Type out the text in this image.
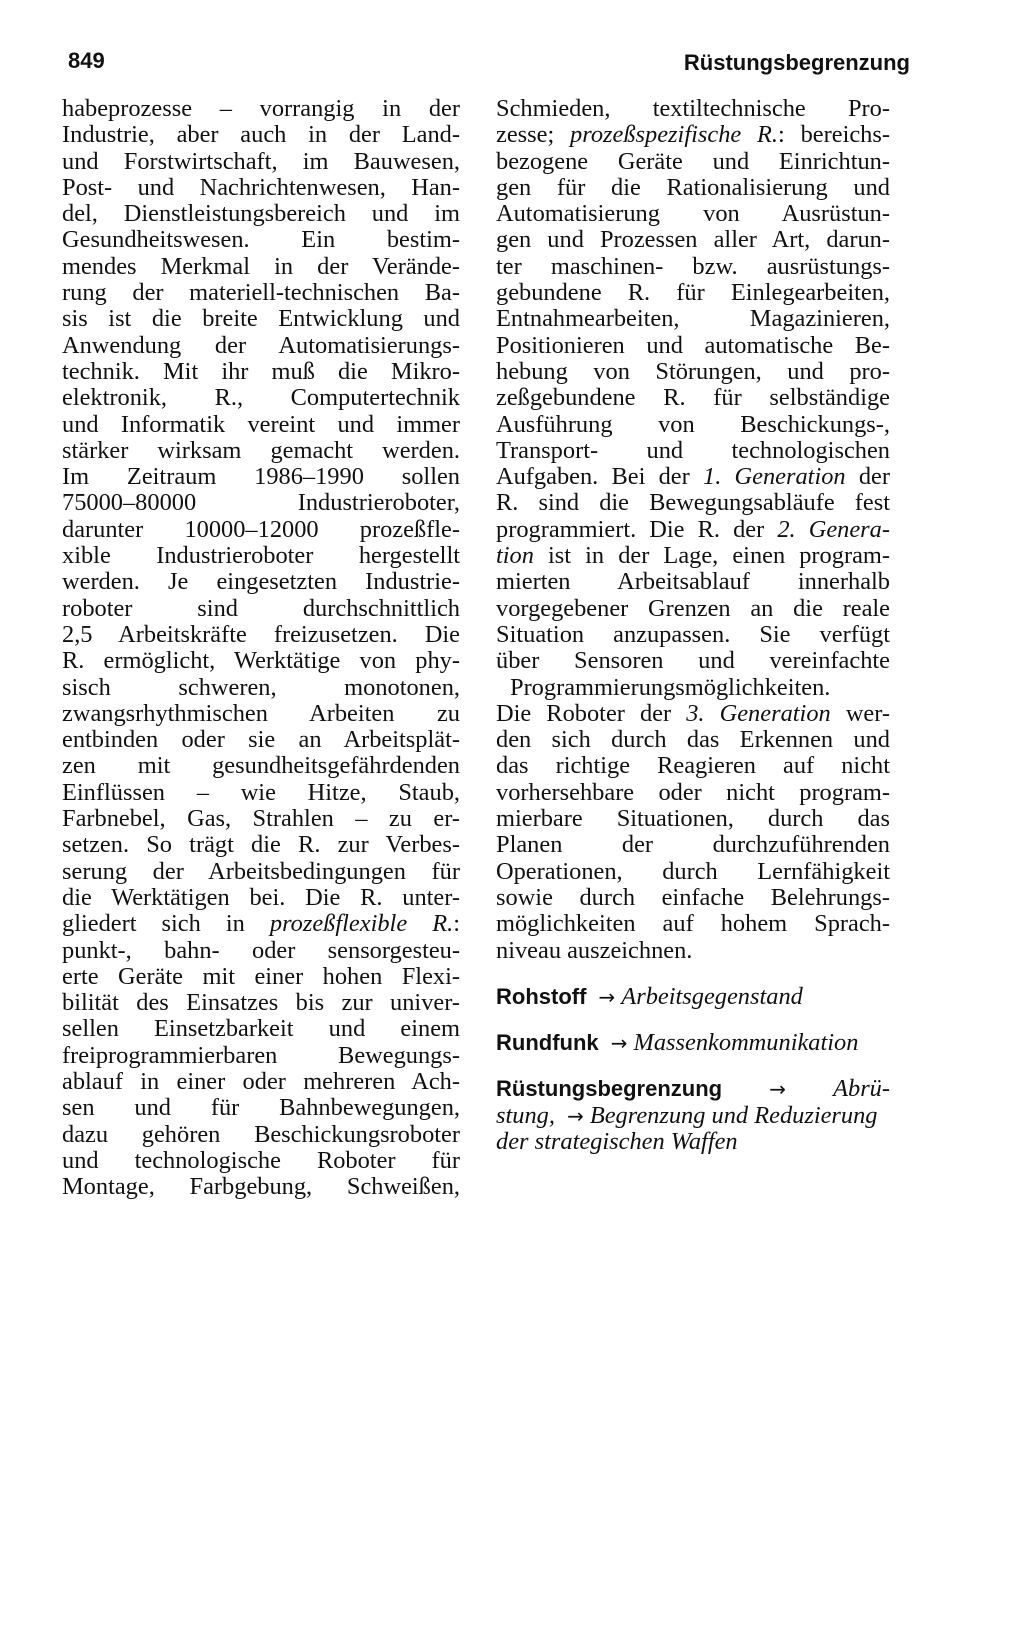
849	Rüstungsbegrenzung
habeprozesse – vorrangig in der
Industrie, aber auch in der Land-
und Forstwirtschaft, im Bauwesen,
Post- und Nachrichtenwesen, Han-
del, Dienstleistungsbereich und im
Gesundheitswesen. Ein bestim-
mendes Merkmal in der Verände-
rung der materiell-technischen Ba-
sis ist die breite Entwicklung und
Anwendung der Automatisierungs-
technik. Mit ihr muß die Mikro-
elektronik, R., Computertechnik
und Informatik vereint und immer
stärker wirksam gemacht werden.
Im Zeitraum 1986–1990 sollen
75000–80000 Industrieroboter,
darunter 10000–12000 prozeßfle-
xible Industrieroboter hergestellt
werden. Je eingesetzten Industrie-
roboter sind durchschnittlich
2,5 Arbeitskräfte freizusetzen. Die
R. ermöglicht, Werktätige von phy-
sisch schweren, monotonen,
zwangsrhythmischen Arbeiten zu
entbinden oder sie an Arbeitsplät-
zen mit gesundheitsgefährdenden
Einflüssen – wie Hitze, Staub,
Farbnebel, Gas, Strahlen – zu er-
setzen. So trägt die R. zur Verbes-
serung der Arbeitsbedingungen für
die Werktätigen bei. Die R. unter-
gliedert sich in prozeßflexible R.:
punkt-, bahn- oder sensorgesteu-
erte Geräte mit einer hohen Flexi-
bilität des Einsatzes bis zur univer-
sellen Einsetzbarkeit und einem
freiprogrammierbaren Bewegungs-
ablauf in einer oder mehreren Ach-
sen und für Bahnbewegungen,
dazu gehören Beschickungsroboter
und technologische Roboter für
Montage, Farbgebung, Schweißen,
Schmieden, textiltechnische Pro-
zesse; prozeßspezifische R.: bereichs-
bezogene Geräte und Einrichtun-
gen für die Rationalisierung und
Automatisierung von Ausrüstun-
gen und Prozessen aller Art, darun-
ter maschinen- bzw. ausrüstungs-
gebundene R. für Einlegearbeiten,
Entnahmearbeiten, Magazinieren,
Positionieren und automatische Be-
hebung von Störungen, und pro-
zeßgebundene R. für selbständige
Ausführung von Beschickungs-,
Transport- und technologischen
Aufgaben. Bei der 1. Generation der
R. sind die Bewegungsabläufe fest
programmiert. Die R. der 2. Genera-
tion ist in der Lage, einen program-
mierten Arbeitsablauf innerhalb
vorgegebener Grenzen an die reale
Situation anzupassen. Sie verfügt
über Sensoren und vereinfachte
Programmierungsmöglichkeiten.
Die Roboter der 3. Generation wer-
den sich durch das Erkennen und
das richtige Reagieren auf nicht
vorhersehbare oder nicht program-
mierbare Situationen, durch das
Planen der durchzuführenden
Operationen, durch Lernfähigkeit
sowie durch einfache Belehrungs-
möglichkeiten auf hohem Sprach-
niveau auszeichnen.
Rohstoff → Arbeitsgegenstand
Rundfunk → Massenkommunikation
Rüstungsbegrenzung → Abrü-
stung, → Begrenzung und Reduzierung
der strategischen Waffen
